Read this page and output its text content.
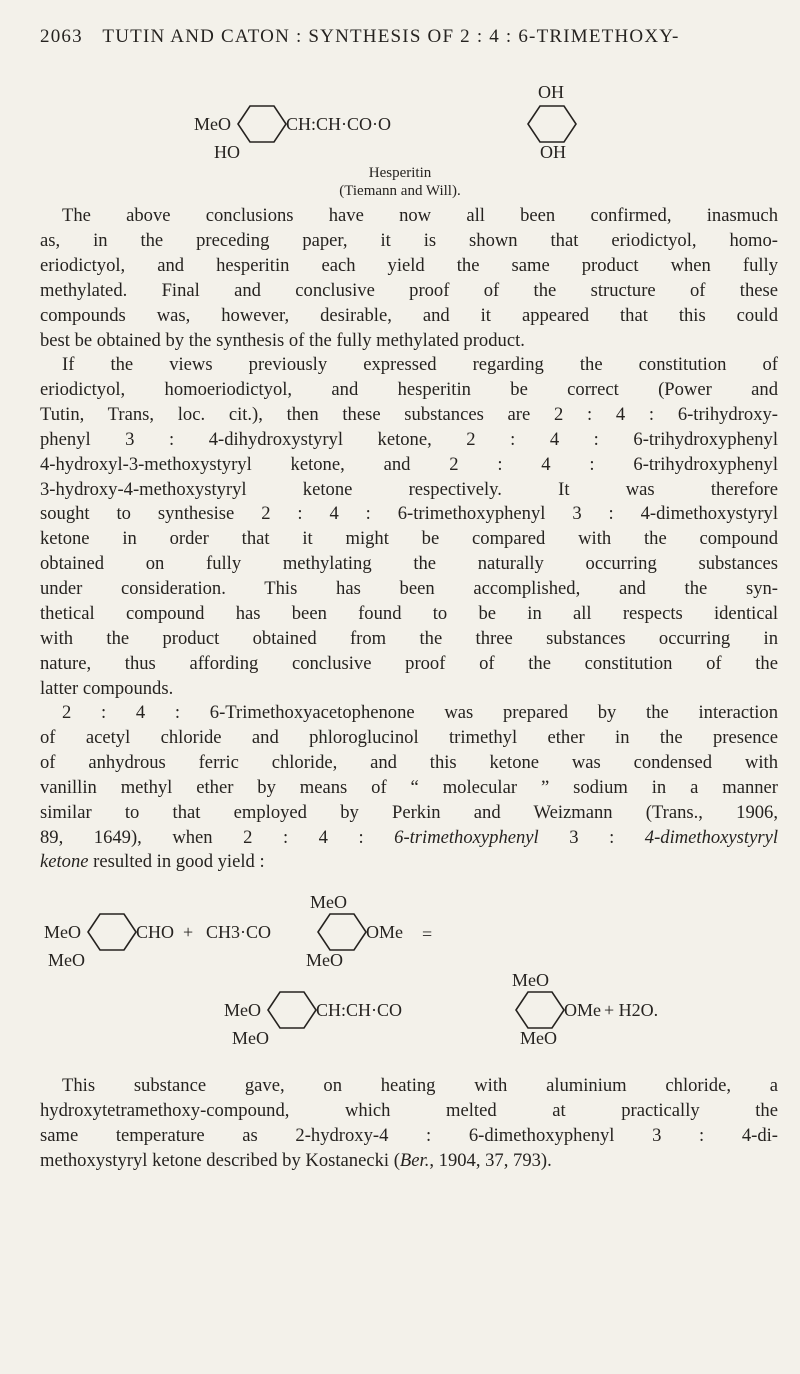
2063 TUTIN AND CATON : SYNTHESIS OF 2 : 4 : 6-TRIMETHOXY-
OH
MeO	CH:CH·CO·O
HO	OH
Hesperitin
(Tiemann and Will).
The above conclusions have now all been confirmed, inasmuch
as, in the preceding paper, it is shown that eriodictyol, homo-
eriodictyol, and hesperitin each yield the same product when fully
methylated. Final and conclusive proof of the structure of these
compounds was, however, desirable, and it appeared that this could
best be obtained by the synthesis of the fully methylated product.
If the views previously expressed regarding the constitution of
eriodictyol, homoeriodictyol, and hesperitin be correct (Power and
Tutin, Trans, loc. cit.), then these substances are 2 : 4 : 6-trihydroxy-
phenyl 3 : 4-dihydroxystyryl ketone, 2 : 4 : 6-trihydroxyphenyl
4-hydroxyl-3-methoxystyryl ketone, and 2 : 4 : 6-trihydroxyphenyl
3-hydroxy-4-methoxystyryl ketone respectively. It was therefore
sought to synthesise 2 : 4 : 6-trimethoxyphenyl 3 : 4-dimethoxystyryl
ketone in order that it might be compared with the compound
obtained on fully methylating the naturally occurring substances
under consideration. This has been accomplished, and the syn-
thetical compound has been found to be in all respects identical
with the product obtained from the three substances occurring in
nature, thus affording conclusive proof of the constitution of the
latter compounds.
2 : 4 : 6-Trimethoxyacetophenone was prepared by the interaction
of acetyl chloride and phloroglucinol trimethyl ether in the presence
of anhydrous ferric chloride, and this ketone was condensed with
vanillin methyl ether by means of “ molecular ” sodium in a manner
similar to that employed by Perkin and Weizmann (Trans., 1906,
89, 1649), when 2 : 4 : 6-trimethoxyphenyl 3 : 4-dimethoxystyryl
ketone resulted in good yield :
MeO
MeO	CHO + CH3·CO	OMe =
MeO	MeO
MeO
MeO	CH:CH·CO	OMe + H2O.
MeO	MeO
This substance gave, on heating with aluminium chloride, a
hydroxytetramethoxy-compound, which melted at practically the
same temperature as 2-hydroxy-4 : 6-dimethoxyphenyl 3 : 4-di-
methoxystyryl ketone described by Kostanecki (Ber., 1904, 37, 793).
